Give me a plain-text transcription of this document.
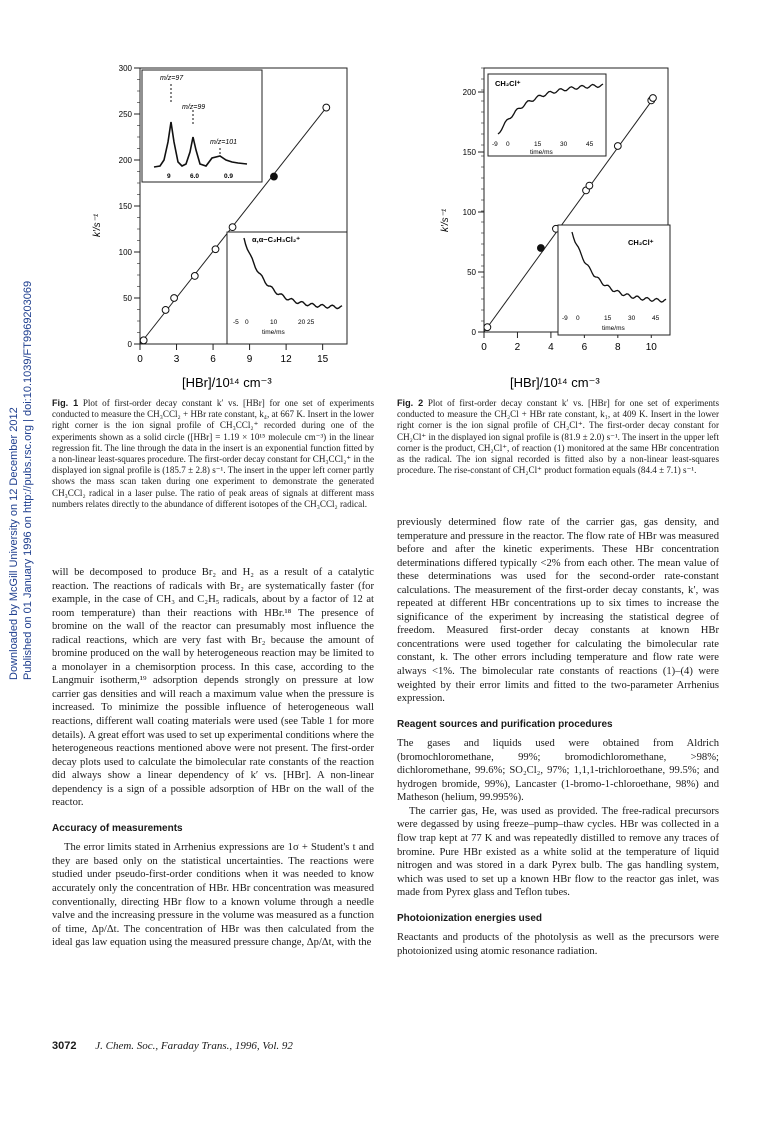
Downloaded by McGill University on 12 December 2012 Published on 01 January 1996 on http://pubs.rsc.org | doi:10.1039/FT9969203069	0	3	6	9	12	15
0
50
100
150
200
250
300
m/z=97
m/z=99
m/z=101
9	6.0	0.9
α,α−C₂H₃Cl₂⁺
-5 0	10	20 25
time/ms
k′/s⁻¹
[HBr]/10¹⁴ cm⁻³
0	2	4	6	8	10
0
50
100
150
200
CH₂Cl⁺
-9 0	15	30	45
time/ms
CH₂Cl⁺
-9 0	15	30	45
time/ms
k′/s⁻¹
[HBr]/10¹⁴ cm⁻³
Fig. 1 Plot of first-order decay constant k′ vs. [HBr] for one set of experiments conducted to measure the CH₃CCl₂ + HBr rate constant, k₄, at 667 K. Insert in the lower right corner is the ion signal profile of CH₃CCl₂⁺ recorded during one of the experiments shown as a solid circle ([HBr] = 1.19 × 10¹⁵ molecule cm⁻³) in the linear regression fit. The line through the data in the insert is an exponential function fitted by a non-linear least-squares procedure. The first-order decay constant for CH₃CCl₂⁺ in the displayed ion signal profile is (185.7 ± 2.8) s⁻¹. The insert in the upper left corner partly shows the mass scan taken during one experiment to demonstrate the generated CH₃CCl₂ radical in a laser pulse. The ratio of peak areas of signals at different mass numbers relates directly to the abundance of different isotopes of the CH₃CCl₂ radical.
Fig. 2 Plot of first-order decay constant k′ vs. [HBr] for one set of experiments conducted to measure the CH₂Cl + HBr rate constant, k₁, at 409 K. Insert in the lower right corner is the ion signal profile of CH₂Cl⁺. The first-order decay constant for CH₂Cl⁺ in the displayed ion signal profile is (81.9 ± 2.0) s⁻¹. The insert in the upper left corner is the product, CH₂Cl⁺, of reaction (1) monitored at the same HBr concentration as the radical. The ion signal recorded is fitted also by a non-linear least-squares procedure. The rise-constant of CH₂Cl⁺ product formation equals (84.4 ± 7.1) s⁻¹.

will be decomposed to produce Br₂ and H₂ as a result of a catalytic reaction. The reactions of radicals with Br₂ are systematically faster (for example, in the case of CH₃ and C₂H₅ radicals, about by a factor of 12 at room temperature) than their reactions with HBr.¹⁸ The presence of bromine on the wall of the reactor can presumably most influence the radical reactions, which are very fast with Br₂ because the amount of bromine produced on the wall by heterogeneous reaction may be limited to a monolayer in a chemisorption process. In this case, according to the Langmuir isotherm,¹⁹ adsorption depends strongly on pressure at low carrier gas densities and will reach a maximum value when the pressure is increased. To minimize the possible influence of heterogeneous wall reactions, different wall coating materials were used (see Table 1 for more details). A great effort was used to set up experimental conditions where the heterogeneous reactions mentioned above were not present. The first-order decay plots used to calculate the bimolecular rate constants of the reaction did always show a linear dependency of k′ vs. [HBr]. A non-linear dependency is a sign of a possible adsorption of HBr on the wall of the reactor.

Accuracy of measurements

The error limits stated in Arrhenius expressions are 1σ + Student's t and they are based only on the statistical uncertainties. The reactions were studied under pseudo-first-order conditions when it was needed to know accurately only the concentration of HBr. HBr concentration was measured conventionally, directing HBr flow to a known volume through a needle valve and the increasing pressure in the volume was measured as a function of time, Δp/Δt. The concentration of HBr was then calculated from the ideal gas law equation using the measured pressure change, Δp/Δt, with the

previously determined flow rate of the carrier gas, gas density, and temperature and pressure in the reactor. The flow rate of HBr was measured before and after the kinetic experiments. These HBr concentration determinations differed typically <2% from each other. The mean value of these determinations was used for the second-order rate-constant calculations. The measurement of the first-order decay constants, k′, was repeated at different HBr concentrations up to six times to increase the significance of the experiment by increasing the statistical degree of freedom. Measured first-order decay constants at known HBr concentrations were used together for calculating the bimolecular rate constant, k. The other errors including temperature and flow rate were always <1%. The bimolecular rate constants of reactions (1)–(4) were weighted by their error limits and fitted to the two-parameter Arrhenius expression.

Reagent sources and purification procedures

The gases and liquids used were obtained from Aldrich (bromochloromethane, 99%; bromodichloromethane, >98%; dichloromethane, 99.6%; SO₂Cl₂, 97%; 1,1,1-trichloroethane, 99.5%; and hydrogen bromide, 99%), Lancaster (1-bromo-1-chloroethane, 98%) and Matheson (helium, 99.995%).

The carrier gas, He, was used as provided. The free-radical precursors were degassed by using freeze–pump–thaw cycles. HBr was collected in a flow trap kept at 77 K and was repeatedly distilled to remove any traces of bromine. Pure HBr existed as a white solid at the temperature of liquid nitrogen and was stored in a dark Pyrex bulb. The gas handling system, which was used to set up a known HBr flow to the reactor gas inlet, was made from Pyrex glass and Teflon tubes.

Photoionization energies used

Reactants and products of the photolysis as well as the precursors were photoionized using atomic resonance radiation.

3072 J. Chem. Soc., Faraday Trans., 1996, Vol. 92
